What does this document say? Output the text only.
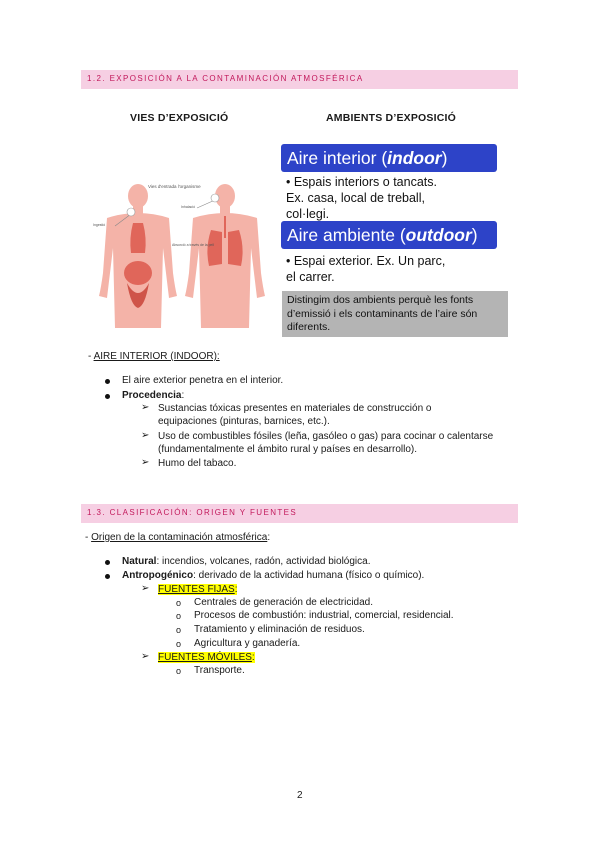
1.2. EXPOSICIÓN A LA CONTAMINACIÓN ATMOSFÉRICA
VIES D’EXPOSICIÓ	AMBIENTS D’EXPOSICIÓ
Vies d'entrada l'organisme
Ingestió
Inhalació
Absorció a través de la pell
Aire interior (indoor)
• Espais interiors o tancats.
Ex. casa, local de treball,
col·legi.
Aire ambiente (outdoor)
• Espai exterior. Ex. Un parc,
el carrer.
Distingim dos ambients perquè les fonts d’emissió i els contaminants de l’aire són diferents.
- AIRE INTERIOR (INDOOR):
El aire exterior penetra en el interior.
Procedencia:
➢ Sustancias tóxicas presentes en materiales de construcción o
equipaciones (pinturas, barnices, etc.).
➢ Uso de combustibles fósiles (leña, gasóleo o gas) para cocinar o calentarse
(fundamentalmente el ámbito rural y países en desarrollo).
➢ Humo del tabaco.
1.3. CLASIFICACIÓN: ORIGEN Y FUENTES
- Origen de la contaminación atmosférica:
Natural: incendios, volcanes, radón, actividad biológica.
Antropogénico: derivado de la actividad humana (físico o químico).
➢ FUENTES FIJAS:
o Centrales de generación de electricidad.
o Procesos de combustión: industrial, comercial, residencial.
o Tratamiento y eliminación de residuos.
o Agricultura y ganadería.
➢ FUENTES MÓVILES:
o Transporte.
2
